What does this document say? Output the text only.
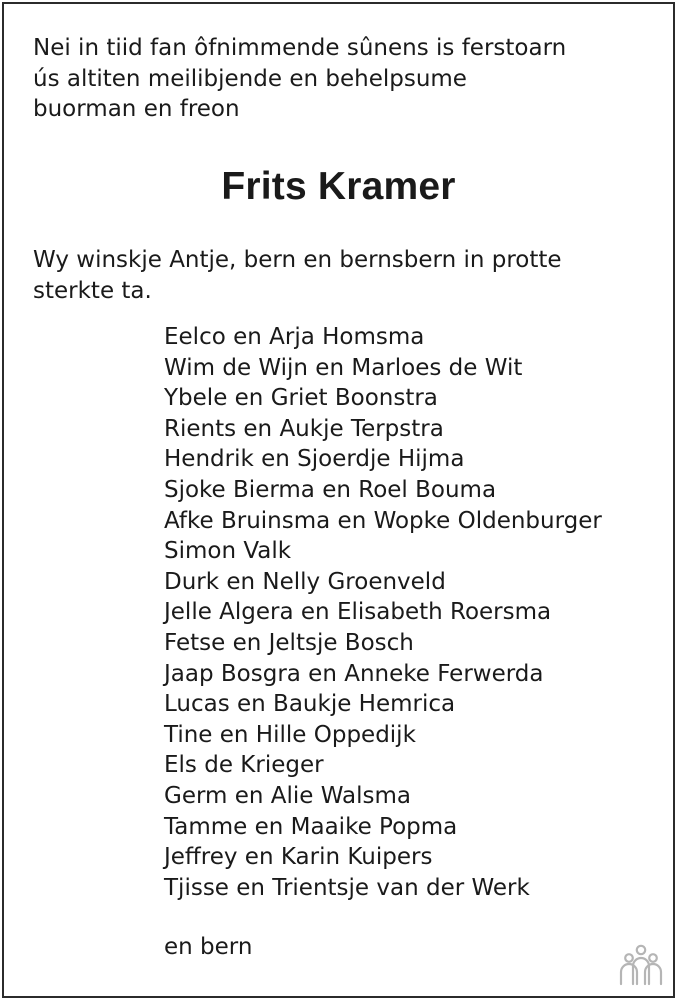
Nei in tiid fan ôfnimmende sûnens is ferstoarn
ús altiten meilibjende en behelpsume
buorman en freon
Frits Kramer
Wy winskje Antje, bern en bernsbern in protte
sterkte ta.
Eelco en Arja Homsma
Wim de Wijn en Marloes de Wit
Ybele en Griet Boonstra
Rients en Aukje Terpstra
Hendrik en Sjoerdje Hijma
Sjoke Bierma en Roel Bouma
Afke Bruinsma en Wopke Oldenburger
Simon Valk
Durk en Nelly Groenveld
Jelle Algera en Elisabeth Roersma
Fetse en Jeltsje Bosch
Jaap Bosgra en Anneke Ferwerda
Lucas en Baukje Hemrica
Tine en Hille Oppedijk
Els de Krieger
Germ en Alie Walsma
Tamme en Maaike Popma
Jeffrey en Karin Kuipers
Tjisse en Trientsje van der Werk
en bern
